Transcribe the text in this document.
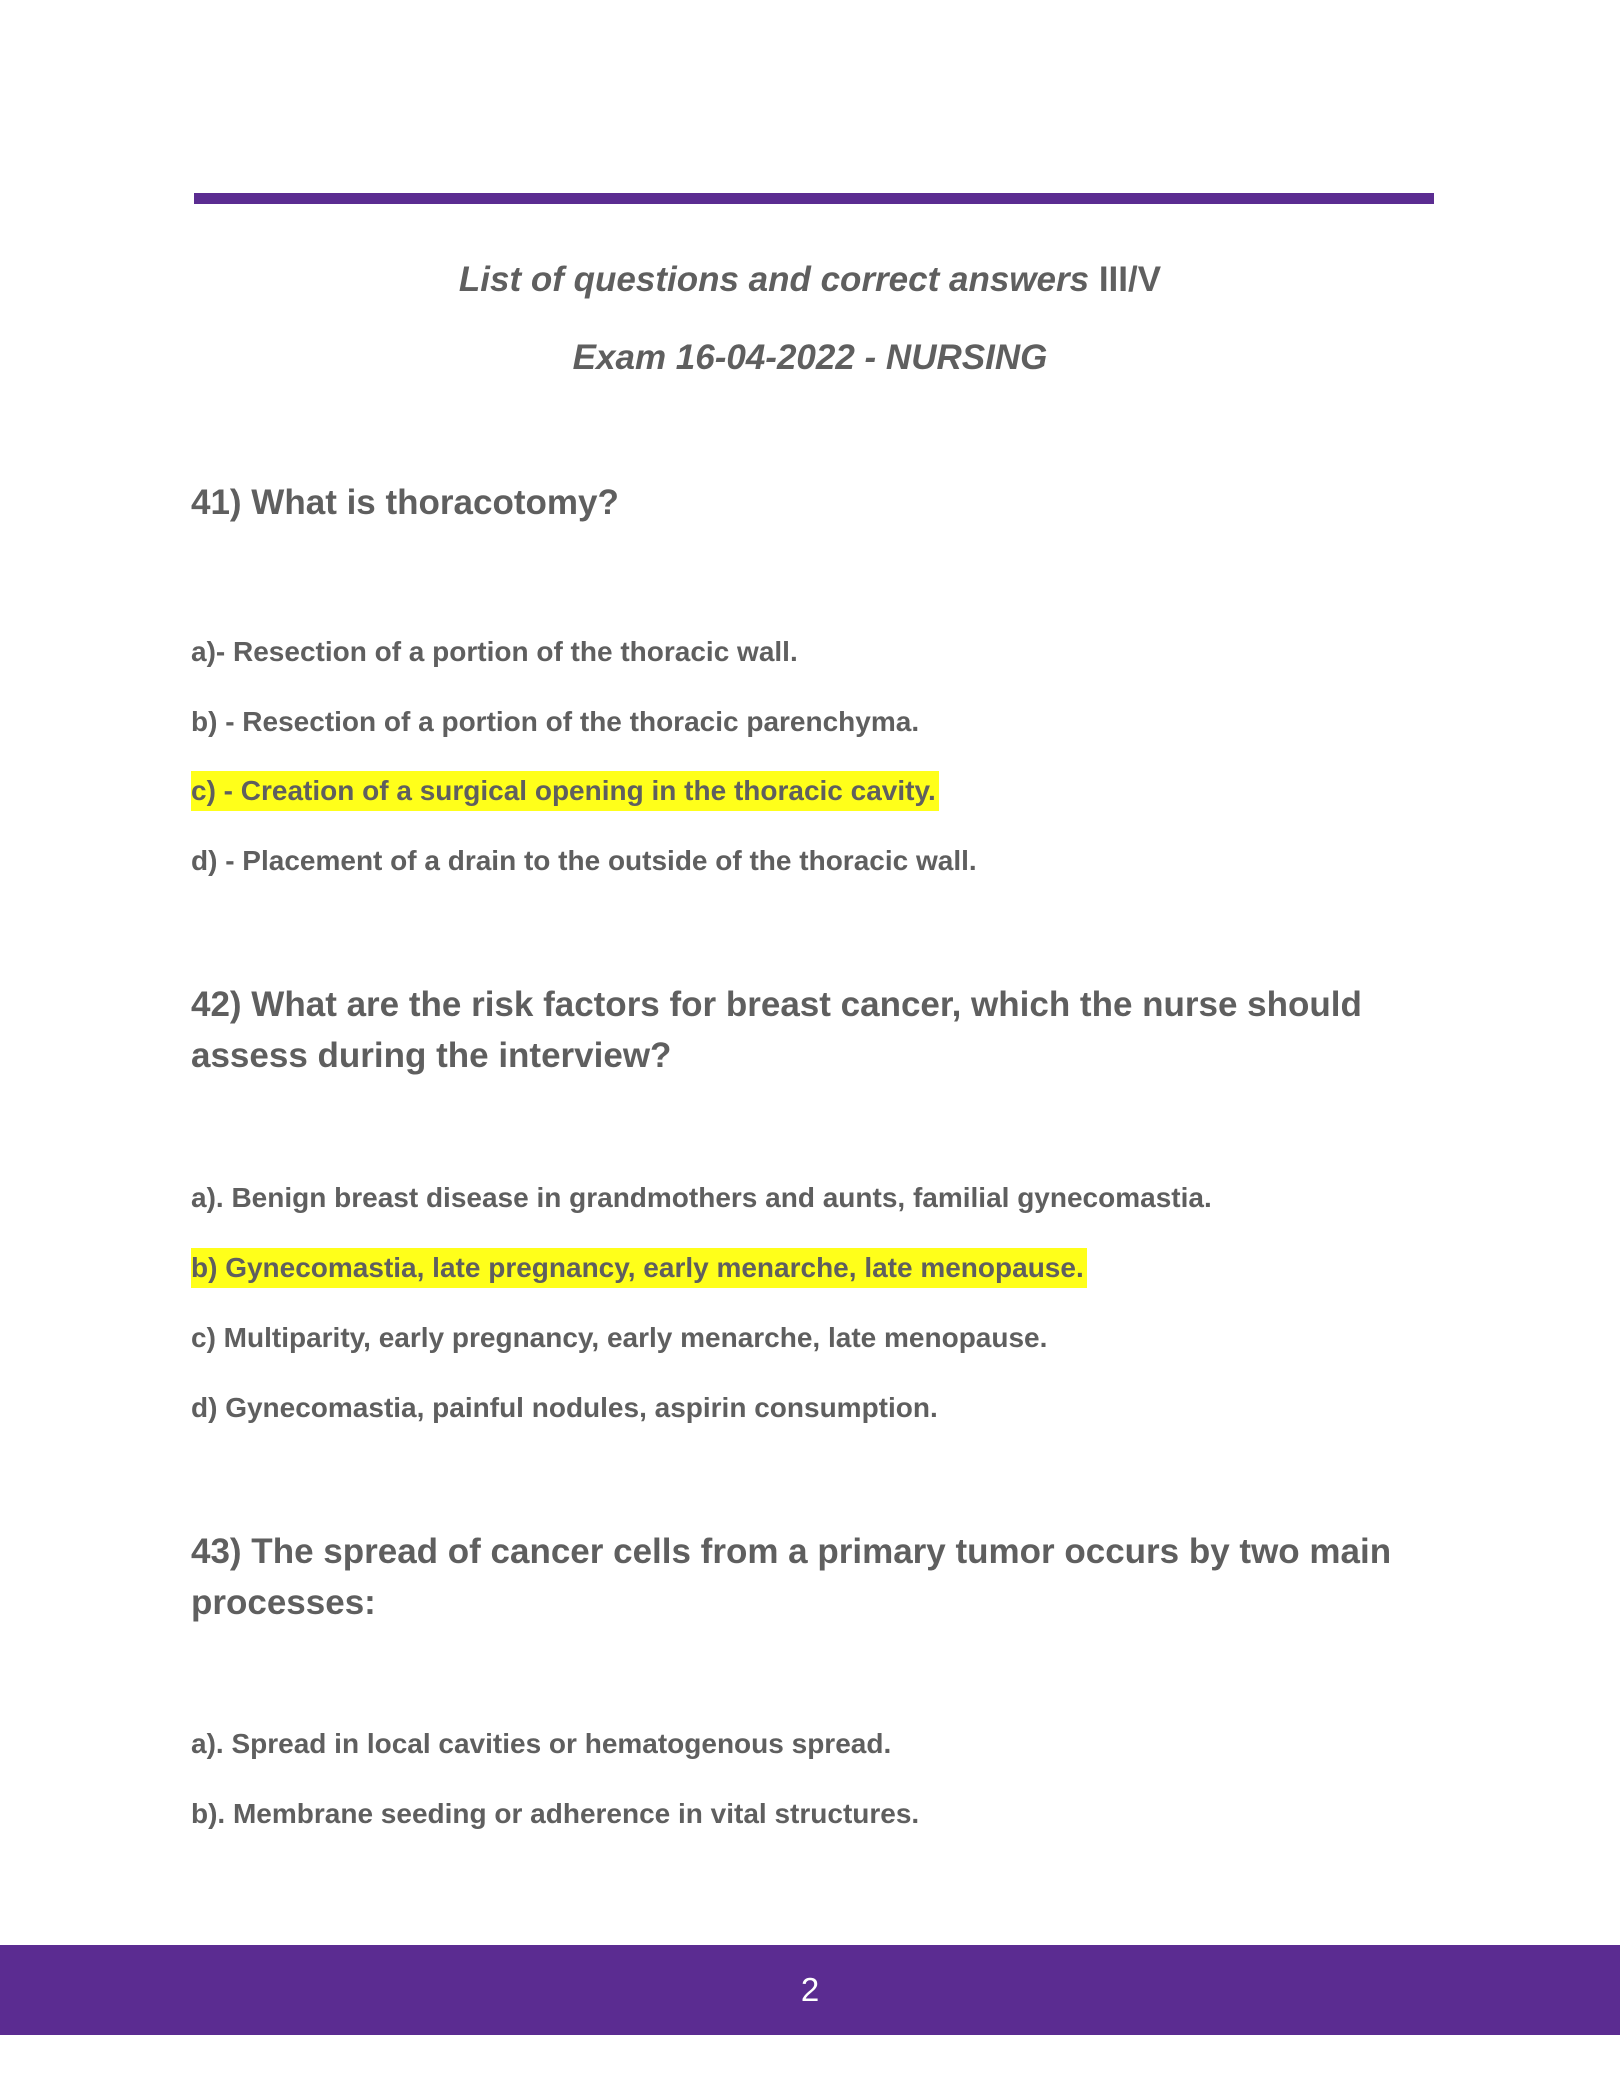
List of questions and correct answers III/V
Exam 16-04-2022 - NURSING

41) What is thoracotomy?

a)- Resection of a portion of the thoracic wall.
b) - Resection of a portion of the thoracic parenchyma.
c) - Creation of a surgical opening in the thoracic cavity.
d) - Placement of a drain to the outside of the thoracic wall.

42) What are the risk factors for breast cancer, which the nurse should assess during the interview?

a). Benign breast disease in grandmothers and aunts, familial gynecomastia.
b) Gynecomastia, late pregnancy, early menarche, late menopause.
c) Multiparity, early pregnancy, early menarche, late menopause.
d) Gynecomastia, painful nodules, aspirin consumption.

43) The spread of cancer cells from a primary tumor occurs by two main processes:

a). Spread in local cavities or hematogenous spread.
b). Membrane seeding or adherence in vital structures.
2
